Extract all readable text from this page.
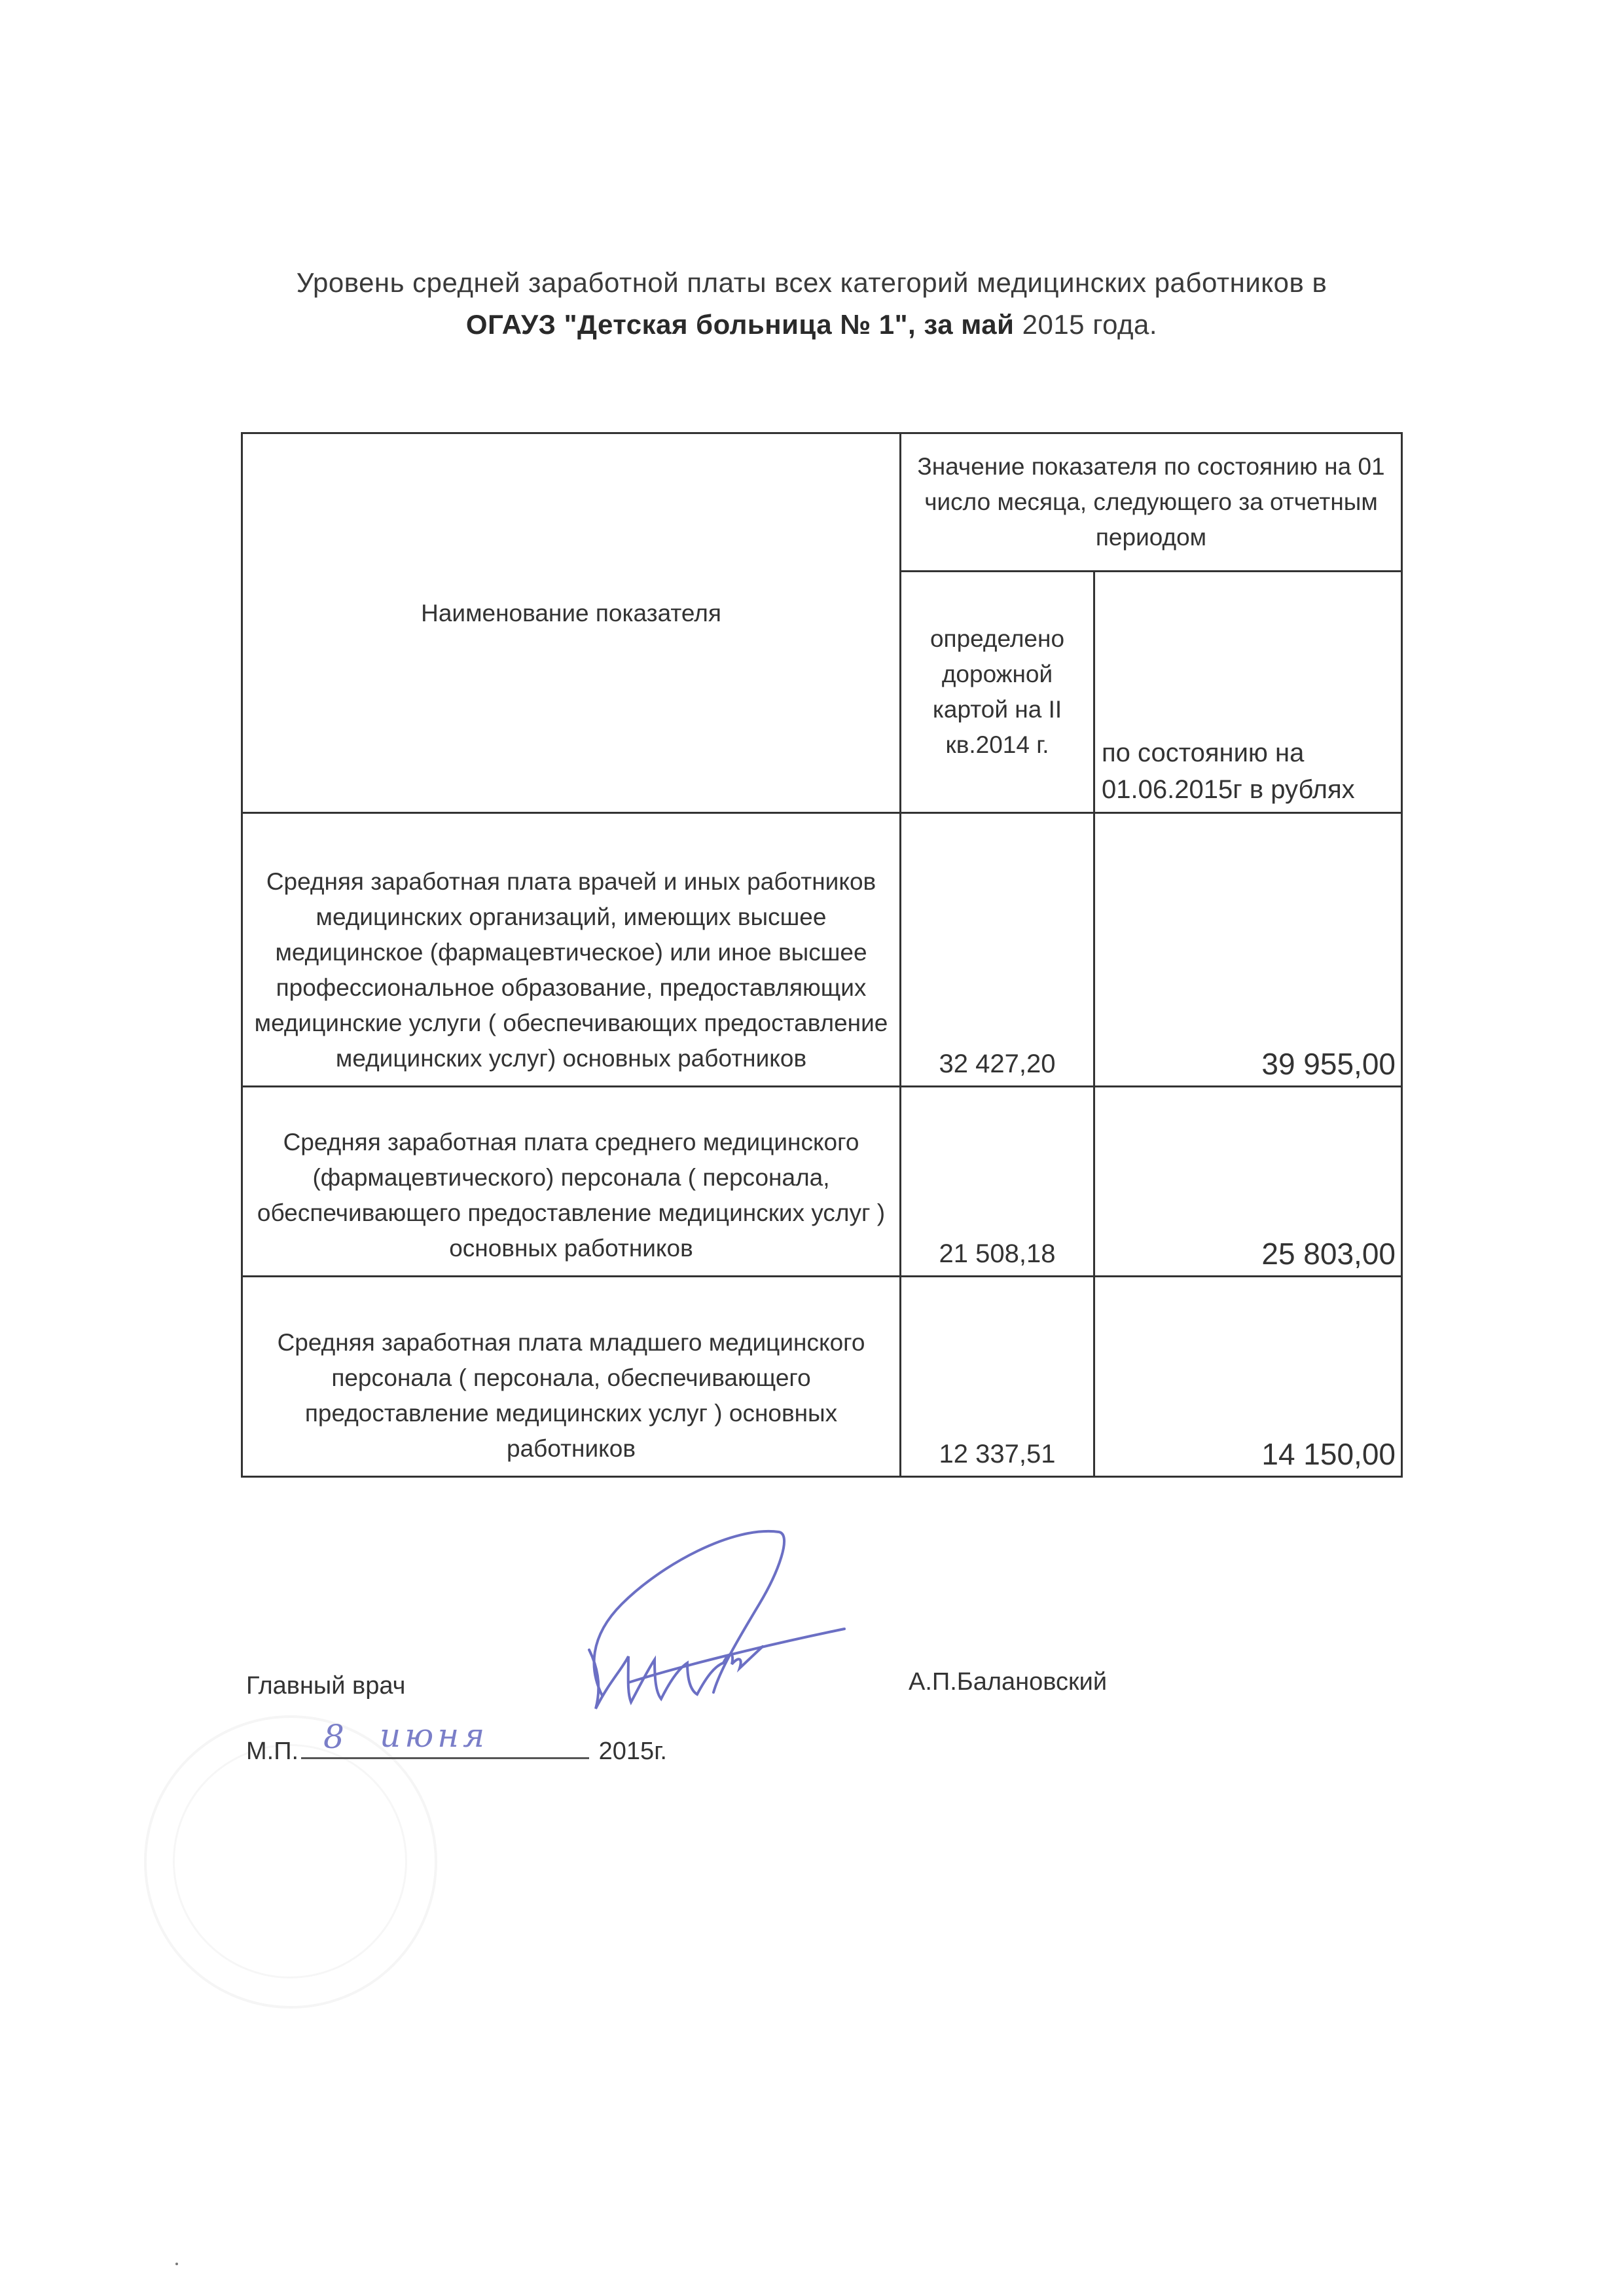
Уровень средней заработной платы всех категорий медицинских работников в
ОГАУЗ "Детская больница № 1", за май 2015 года.
Наименование показателя	Значение показателя по состоянию на 01 число месяца, следующего за отчетным периодом	
	определено дорожной картой на II кв.2014 г.	по состоянию на 01.06.2015г в рублях
Средняя заработная плата врачей и иных работников медицинских организаций, имеющих высшее медицинское (фармацевтическое) или иное высшее профессиональное образование, предоставляющих медицинские услуги ( обеспечивающих предоставление медицинских услуг) основных работников	32 427,20	39 955,00
Средняя заработная плата среднего медицинского (фармацевтического) персонала ( персонала, обеспечивающего предоставление медицинских услуг ) основных работников	21 508,18	25 803,00
Средняя заработная плата младшего медицинского персонала ( персонала, обеспечивающего предоставление медицинских услуг ) основных работников	12 337,51	14 150,00
Главный врач	А.П.Балановский
М.П.	2015г.
8 июня
